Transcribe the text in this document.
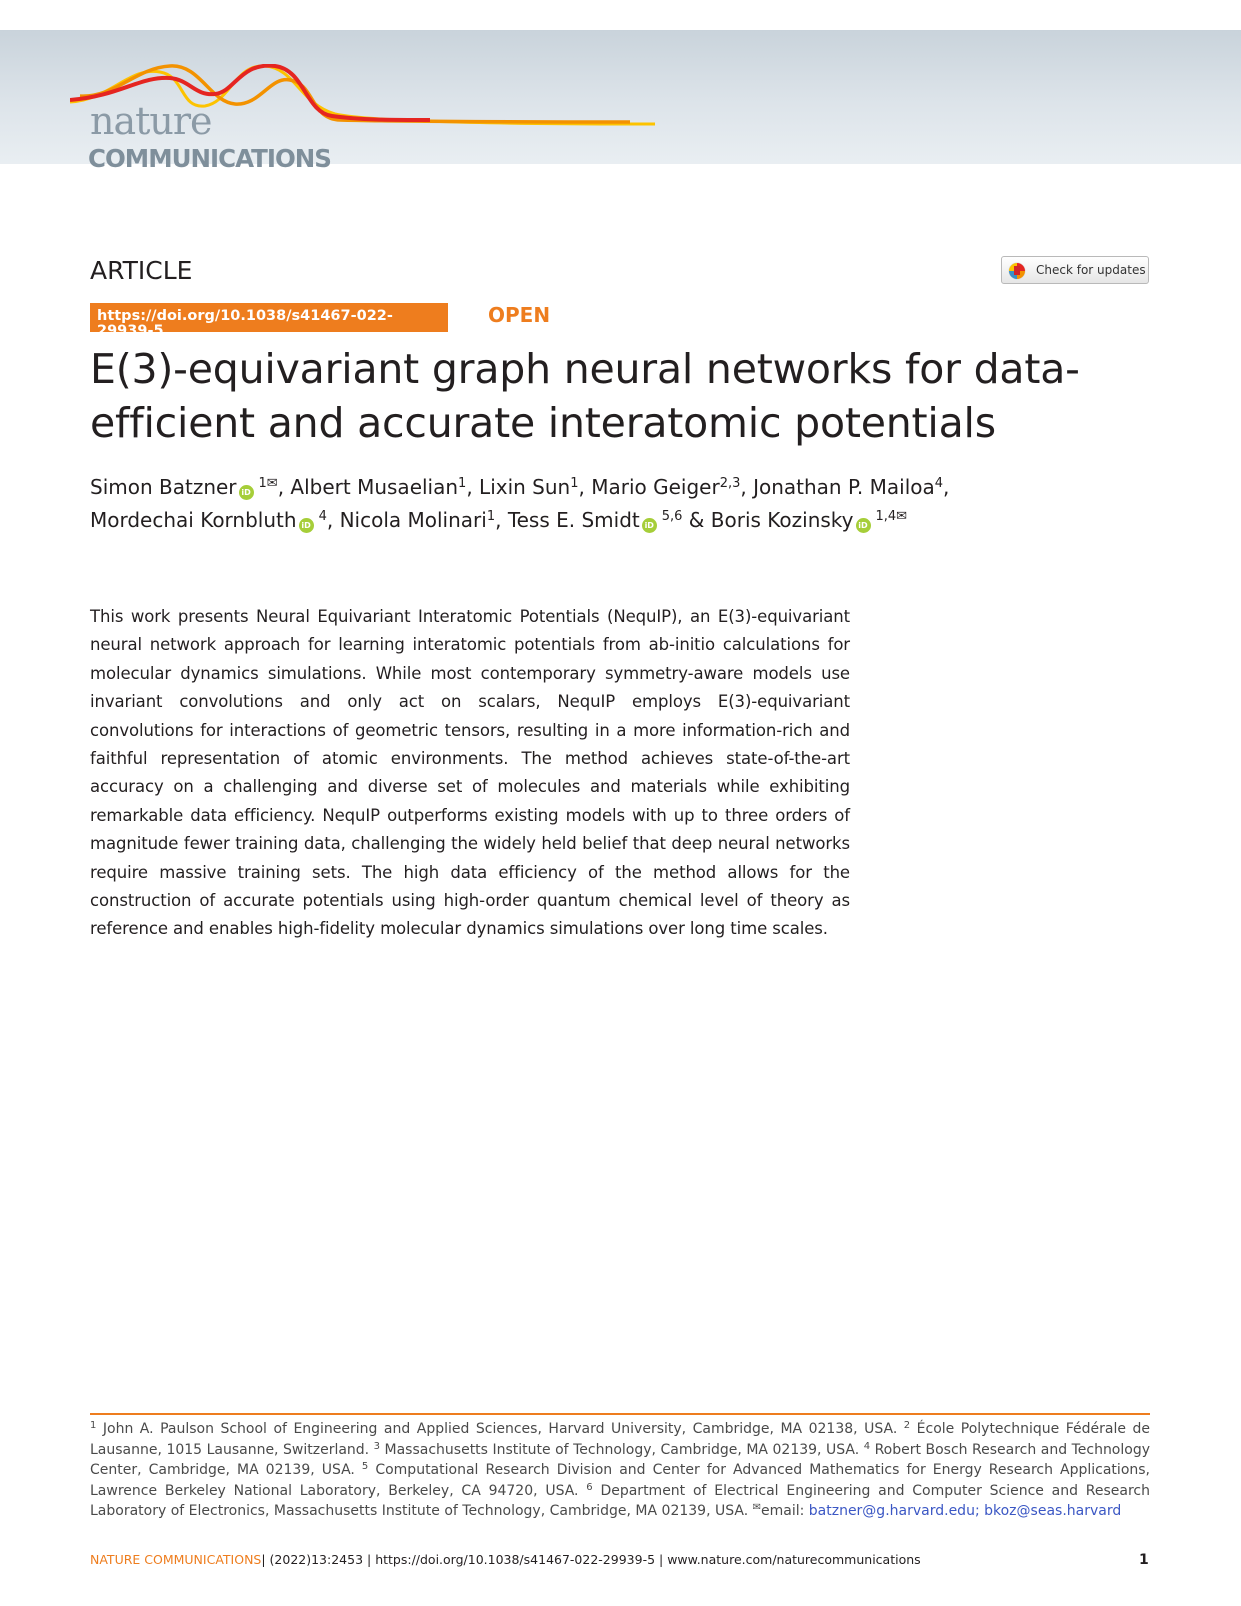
nature
COMMUNICATIONS
ARTICLE	Check for updates
https://doi.org/10.1038/s41467-022-29939-5
OPEN
E(3)-equivariant graph neural networks for data-efficient and accurate interatomic potentials
Simon Batzner $iD^{1✉}$, Albert Musaelian$^1$, Lixin Sun$^1$, Mario Geiger$^{2,3}$, Jonathan P. Mailoa$^4$,
Mordechai Kornbluth $iD^4$, Nicola Molinari$^1$, Tess E. Smidt iD$^{5,6}$ & Boris Kozinsky $iD^{1,4✉}$

This work presents Neural Equivariant Interatomic Potentials (NequIP), an E(3)-equivariant neural network approach for learning interatomic potentials from ab-initio calculations for molecular dynamics simulations. While most contemporary symmetry-aware models use invariant convolutions and only act on scalars, NequIP employs E(3)-equivariant convolutions for interactions of geometric tensors, resulting in a more information-rich and faithful representation of atomic environments. The method achieves state-of-the-art accuracy on a challenging and diverse set of molecules and materials while exhibiting remarkable data efficiency. NequIP outperforms existing models with up to three orders of magnitude fewer training data, challenging the widely held belief that deep neural networks require massive training sets. The high data efficiency of the method allows for the construction of accurate potentials using high-order quantum chemical level of theory as reference and enables high-fidelity molecular dynamics simulations over long time scales.

$^1$ John A. Paulson School of Engineering and Applied Sciences, Harvard University, Cambridge, MA 02138, USA. $^2$ École Polytechnique Fédérale de Lausanne, 1015 Lausanne, Switzerland. $^3$ Massachusetts Institute of Technology, Cambridge, MA 02139, USA. $^4$ Robert Bosch Research and Technology Center, Cambridge, MA 02139, USA. $^5$ Computational Research Division and Center for Advanced Mathematics for Energy Research Applications, Lawrence Berkeley National Laboratory, Berkeley, CA 94720, USA. $^6$ Department of Electrical Engineering and Computer Science and Research Laboratory of Electronics, Massachusetts Institute of Technology, Cambridge, MA 02139, USA. ✉email: batzner@g.harvard.edu; bkoz@seas.harvard
NATURE COMMUNICATIONS| (2022)13:2453 | https://doi.org/10.1038/s41467-022-29939-5 | www.nature.com/naturecommunications	1
